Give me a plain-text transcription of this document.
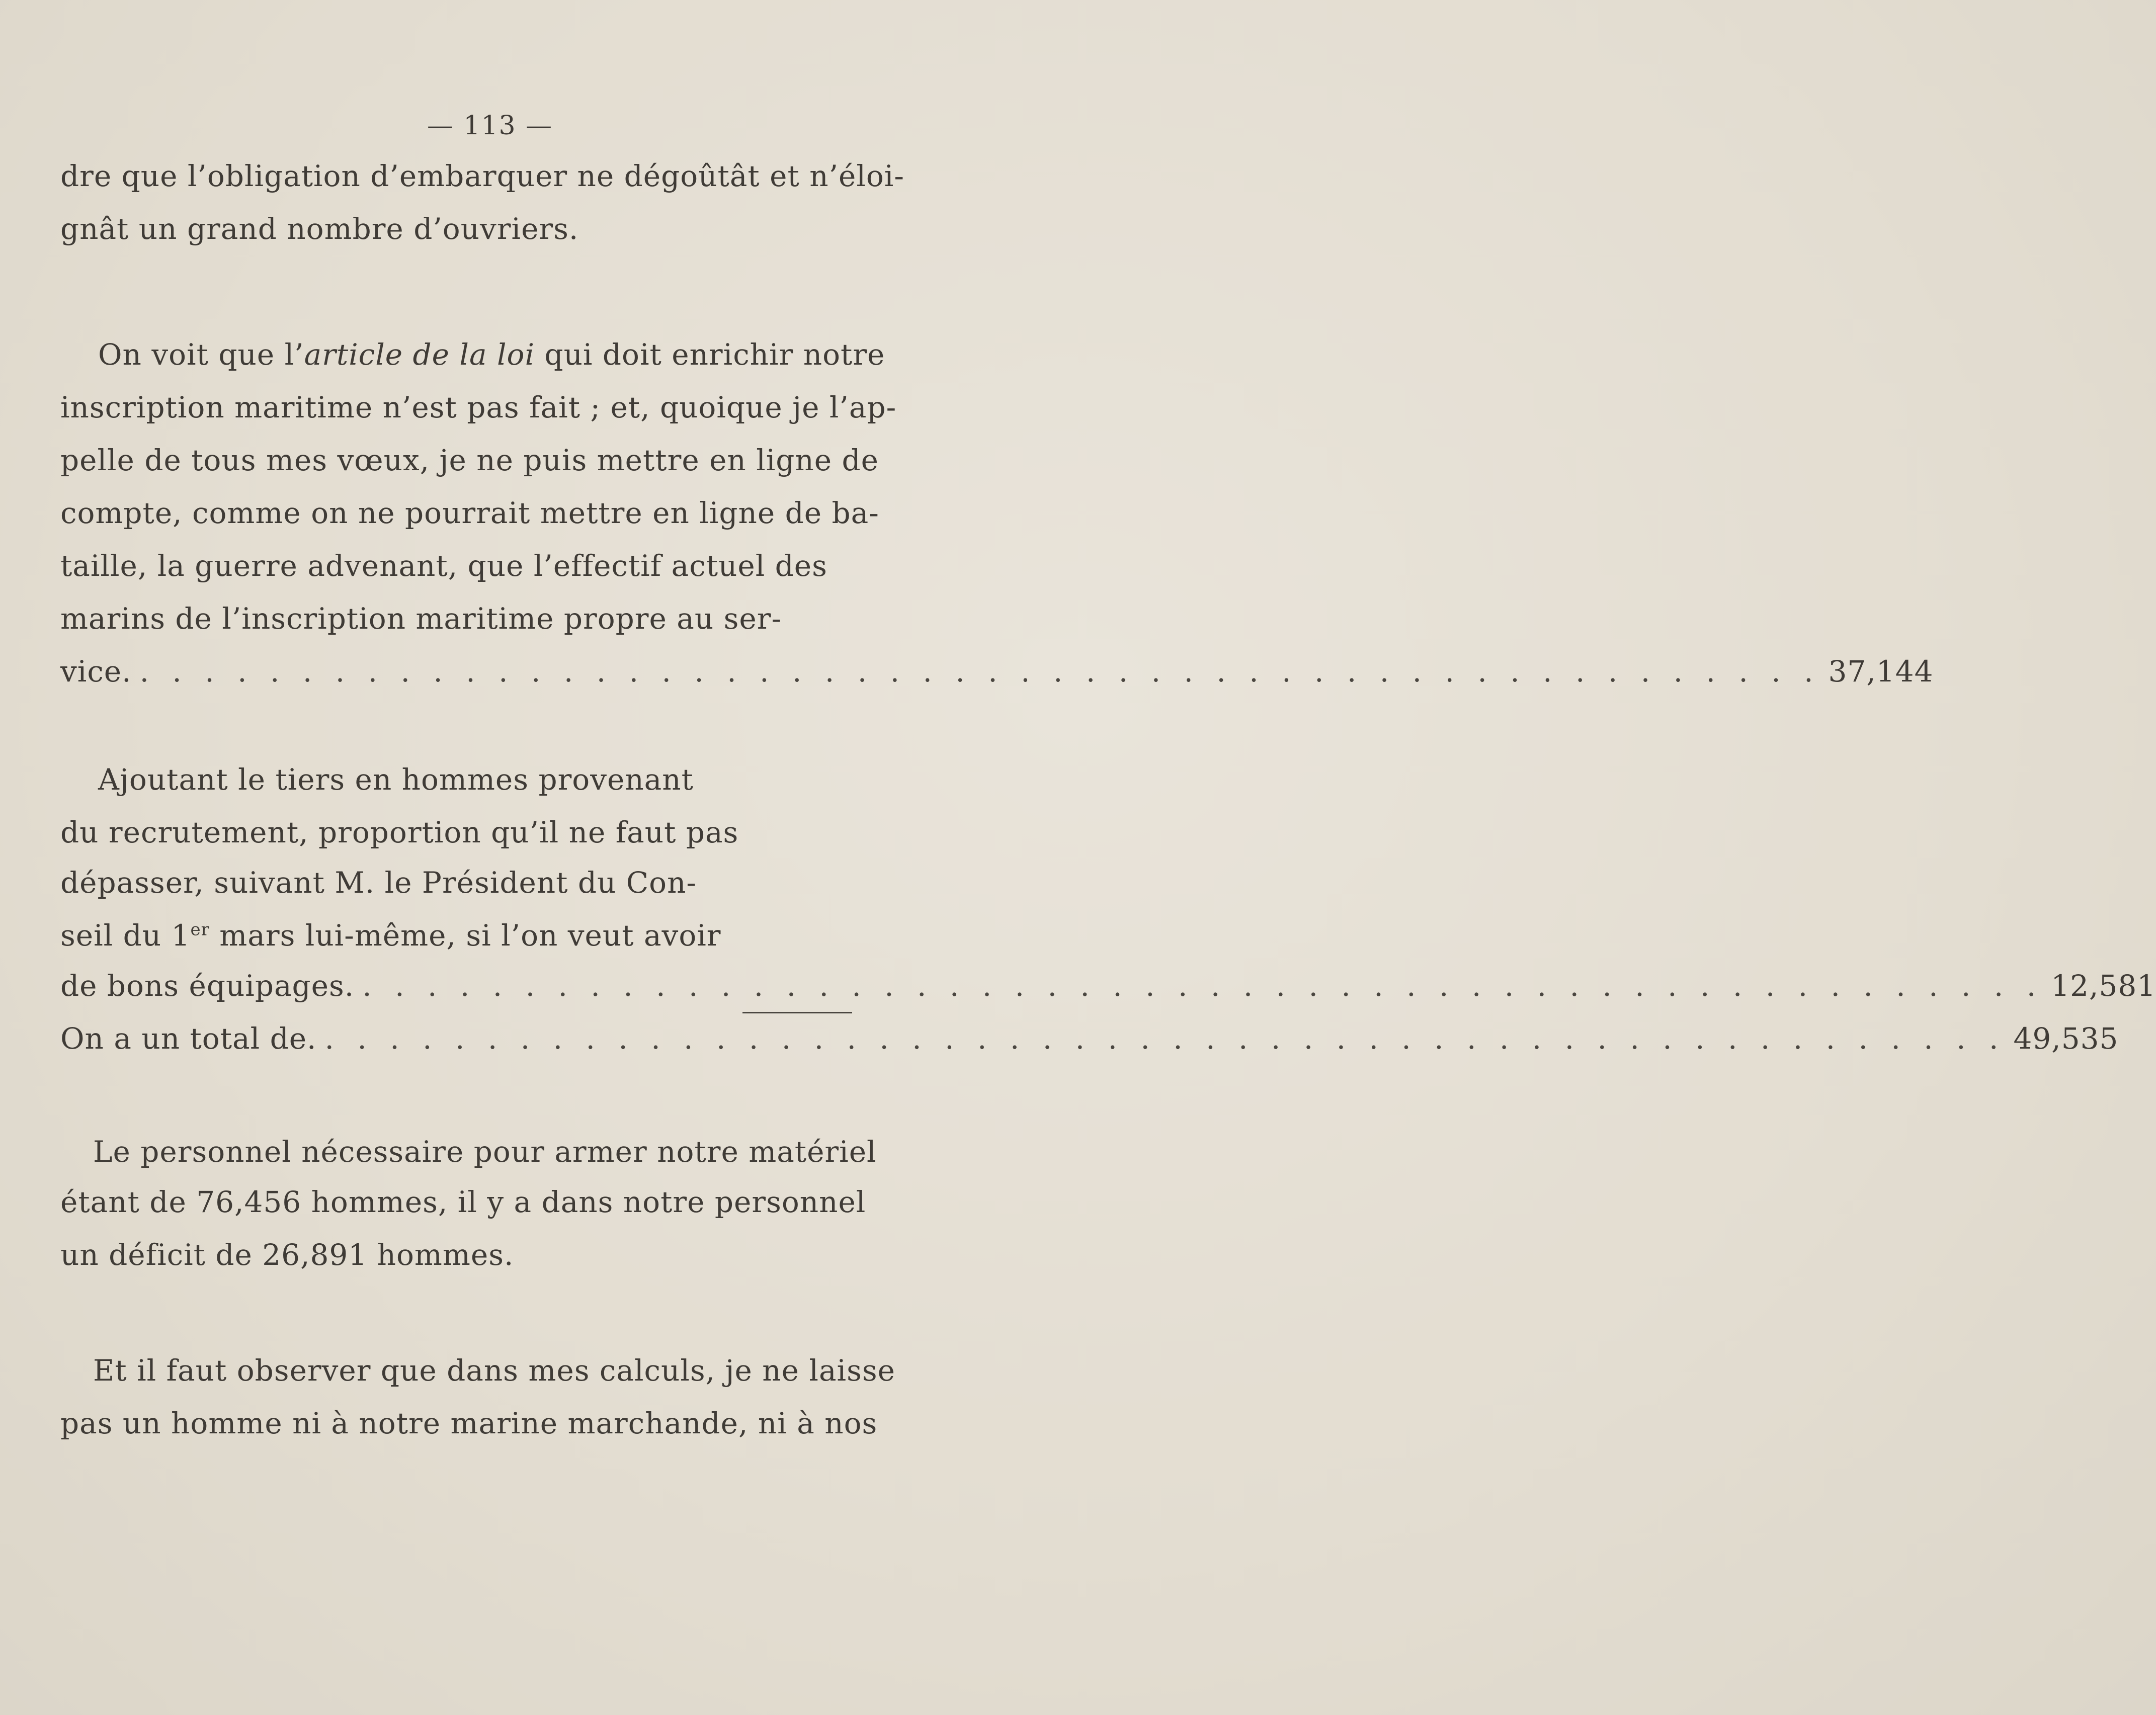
— 113 —
dre que l’obligation d’embarquer ne dégoûtât et n’éloi-
gnât un grand nombre d’ouvriers.
On voit que l’article de la loi qui doit enrichir notre
inscription maritime n’est pas fait ; et, quoique je l’ap-
pelle de tous mes vœux, je ne puis mettre en ligne de
compte, comme on ne pourrait mettre en ligne de ba-
taille, la guerre advenant, que l’effectif actuel des
marins de l’inscription maritime propre au ser-
vice. . . . . . . . . . . . . . . . . . . . . . . . . . . . . . . . . . . . . . . . . . . . . . . . . . . . . 37,144
Ajoutant le tiers en hommes provenant
du recrutement, proportion qu’il ne faut pas
dépasser, suivant M. le Président du Con-
seil du 1er mars lui-même, si l’on veut avoir
de bons équipages. . . . . . . . . . . . . . . . . . . . . . . . . . . . . . . . . . . . . . . . . . . . . . . . . . . . . 12,581
On a un total de. . . . . . . . . . . . . . . . . . . . . . . . . . . . . . . . . . . . . . . . . . . . . . . . . . . . . 49,535
Le personnel nécessaire pour armer notre matériel
étant de 76,456 hommes, il y a dans notre personnel
un déficit de 26,891 hommes.
Et il faut observer que dans mes calculs, je ne laisse
pas un homme ni à notre marine marchande, ni à nos
